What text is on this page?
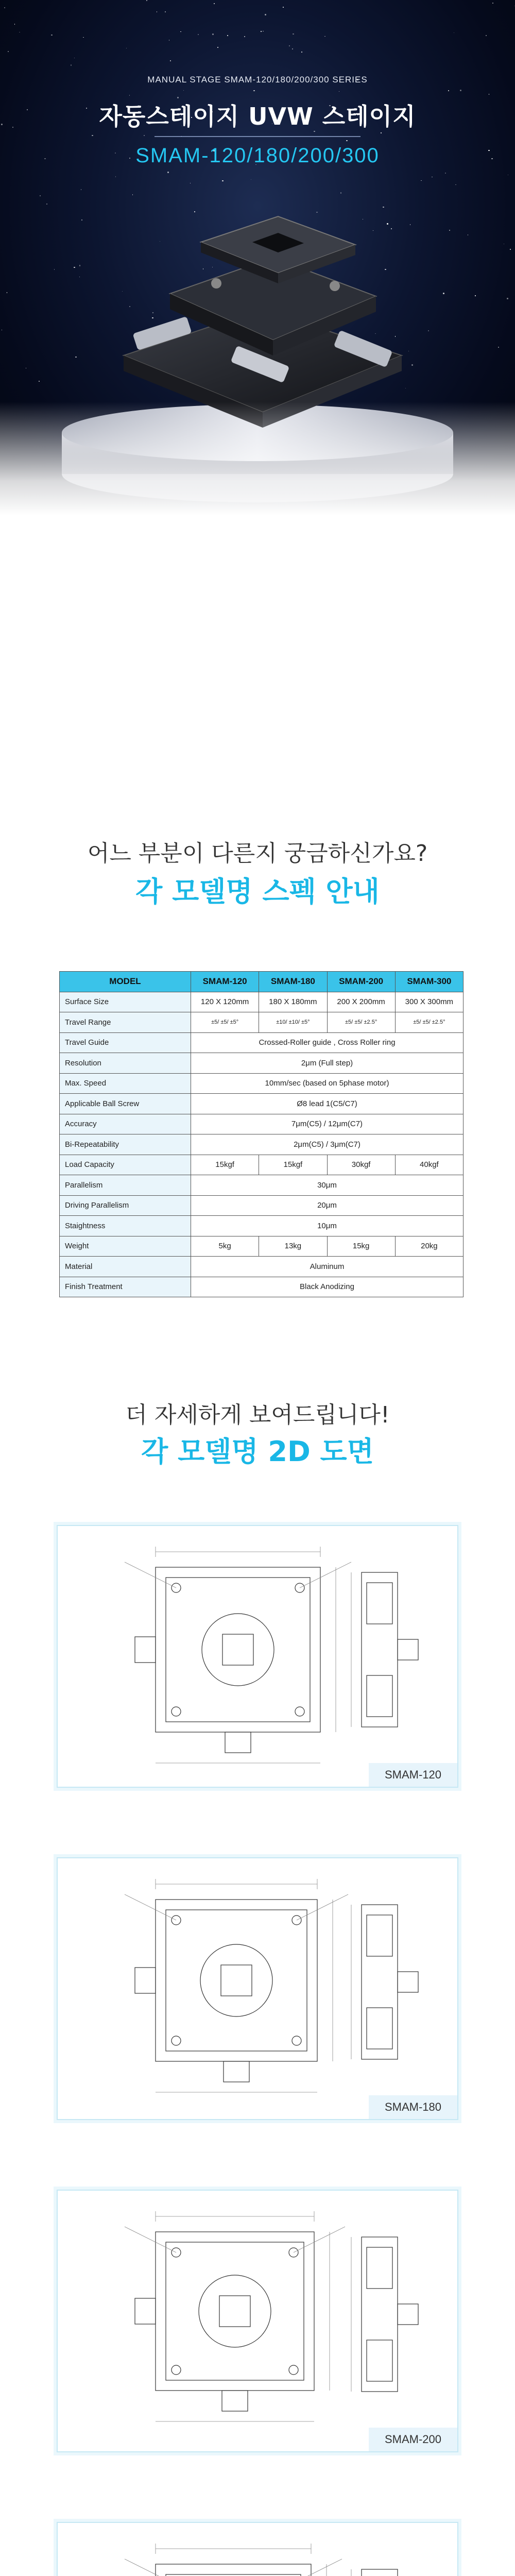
MANUAL STAGE SMAM-120/180/200/300 SERIES
자동스테이지 UVW 스테이지
SMAM-120/180/200/300
어느 부분이 다른지 궁금하신가요?
각 모델명 스펙 안내
MODEL	SMAM-120	SMAM-180	SMAM-200	SMAM-300
Surface Size	120 X 120mm	180 X 180mm	200 X 200mm	300 X 300mm
Travel Range	±5/ ±5/ ±5°	±10/ ±10/ ±5°	±5/ ±5/ ±2.5°	±5/ ±5/ ±2.5°
Travel Guide	Crossed-Roller guide , Cross Roller ring			
Resolution	2μm (Full step)			
Max. Speed	10mm/sec (based on 5phase motor)			
Applicable Ball Screw	Ø8 lead 1(C5/C7)			
Accuracy	7μm(C5) / 12μm(C7)			
Bi-Repeatability	2μm(C5) / 3μm(C7)			
Load Capacity	15kgf	15kgf	30kgf	40kgf
Parallelism	30μm			
Driving Parallelism	20μm			
Staightness	10μm			
Weight	5kg	13kg	15kg	20kg
Material	Aluminum			
Finish Treatment	Black Anodizing			
더 자세하게 보여드립니다!
각 모델명 2D 도면
SMAM-120
SMAM-180
SMAM-200
